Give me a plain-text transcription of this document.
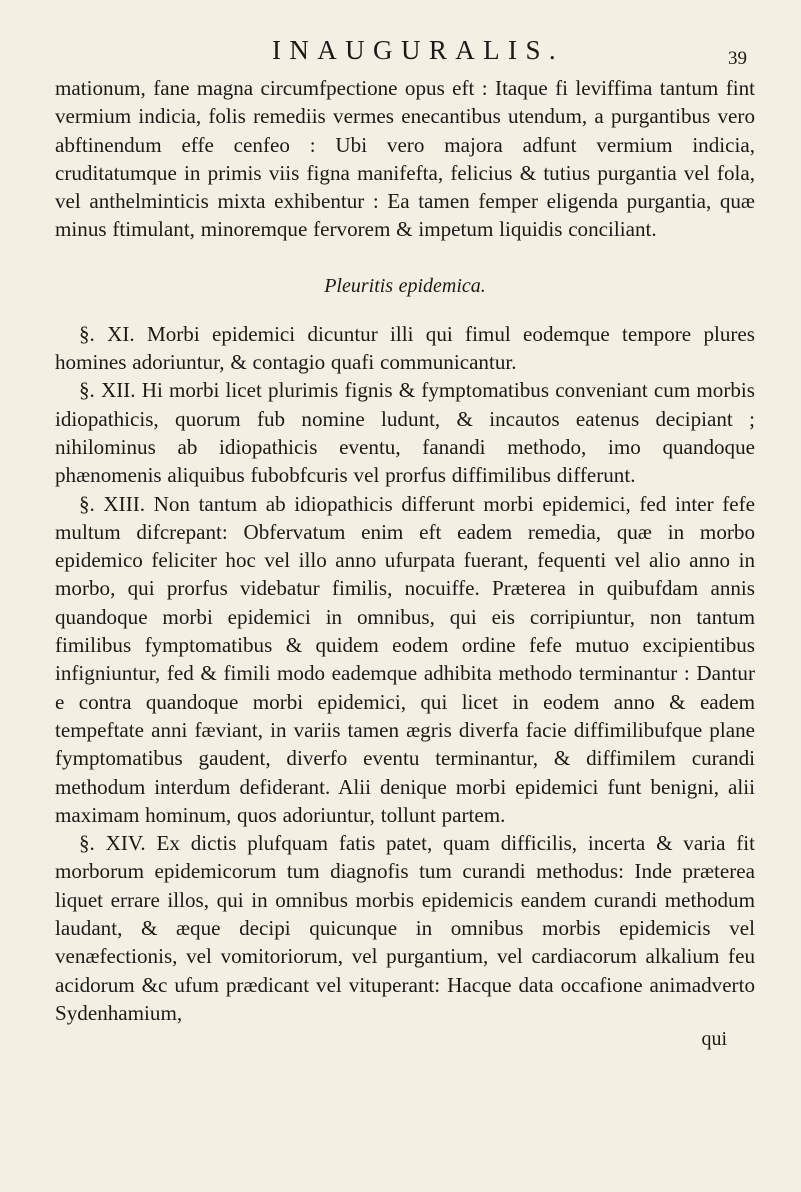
INAUGURALIS.	39

mationum, fane magna circumfpectione opus eft : Itaque fi leviffima tantum fint vermium indicia, folis remediis vermes enecantibus utendum, a purgantibus vero abftinendum effe cenfeo : Ubi vero majora adfunt vermium indicia, cruditatumque in primis viis figna manifefta, felicius & tutius purgantia vel fola, vel anthelminticis mixta exhibentur : Ea tamen femper eligenda purgantia, quæ minus ftimulant, minoremque fervorem & impetum liquidis conciliant.

Pleuritis epidemica.

§. XI. Morbi epidemici dicuntur illi qui fimul eodemque tempore plures homines adoriuntur, & contagio quafi communicantur.

§. XII. Hi morbi licet plurimis fignis & fymptomatibus conveniant cum morbis idiopathicis, quorum fub nomine ludunt, & incautos eatenus decipiant ; nihilominus ab idiopathicis eventu, fanandi methodo, imo quandoque phænomenis aliquibus fubobfcuris vel prorfus diffimilibus differunt.

§. XIII. Non tantum ab idiopathicis differunt morbi epidemici, fed inter fefe multum difcrepant: Obfervatum enim eft eadem remedia, quæ in morbo epidemico feliciter hoc vel illo anno ufurpata fuerant, fequenti vel alio anno in morbo, qui prorfus videbatur fimilis, nocuiffe. Præterea in quibufdam annis quandoque morbi epidemici in omnibus, qui eis corripiuntur, non tantum fimilibus fymptomatibus & quidem eodem ordine fefe mutuo excipientibus infigniuntur, fed & fimili modo eademque adhibita methodo terminantur : Dantur e contra quandoque morbi epidemici, qui licet in eodem anno & eadem tempeftate anni fæviant, in variis tamen ægris diverfa facie diffimilibufque plane fymptomatibus gaudent, diverfo eventu terminantur, & diffimilem curandi methodum interdum defiderant. Alii denique morbi epidemici funt benigni, alii maximam hominum, quos adoriuntur, tollunt partem.

§. XIV. Ex dictis plufquam fatis patet, quam difficilis, incerta & varia fit morborum epidemicorum tum diagnofis tum curandi methodus: Inde præterea liquet errare illos, qui in omnibus morbis epidemicis eandem curandi methodum laudant, & æque decipi quicunque in omnibus morbis epidemicis vel venæfectionis, vel vomitoriorum, vel purgantium, vel cardiacorum alkalium feu acidorum &c ufum prædicant vel vituperant: Hacque data occafione animadverto Sydenhamium,

qui
